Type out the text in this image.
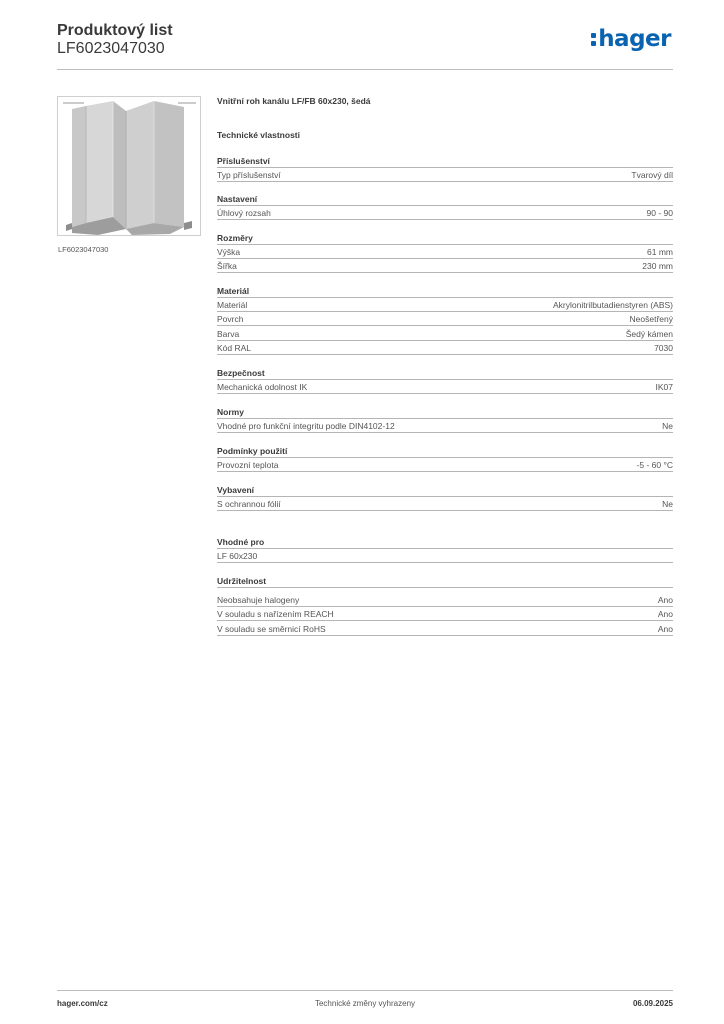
Produktový list
LF6023047030	hager
LF6023047030
Vnitřní roh kanálu LF/FB 60x230, šedá
Technické vlastnosti
Příslušenství
Typ příslušenství	Tvarový díl
Nastavení
Úhlový rozsah	90 - 90
Rozměry
Výška	61 mm
Šířka	230 mm
Materiál
Materiál	Akrylonitrilbutadienstyren (ABS)
Povrch	Neošetřený
Barva	Šedý kámen
Kód RAL	7030
Bezpečnost
Mechanická odolnost IK	IK07
Normy
Vhodné pro funkční integritu podle DIN4102-12	Ne
Podmínky použití
Provozní teplota	-5 - 60 °C
Vybavení
S ochrannou fólií	Ne
Vhodné pro
LF 60x230
Udržitelnost
Neobsahuje halogeny	Ano
V souladu s nařízením REACH	Ano
V souladu se směrnicí RoHS	Ano
hager.com/cz	Technické změny vyhrazeny	06.09.2025
